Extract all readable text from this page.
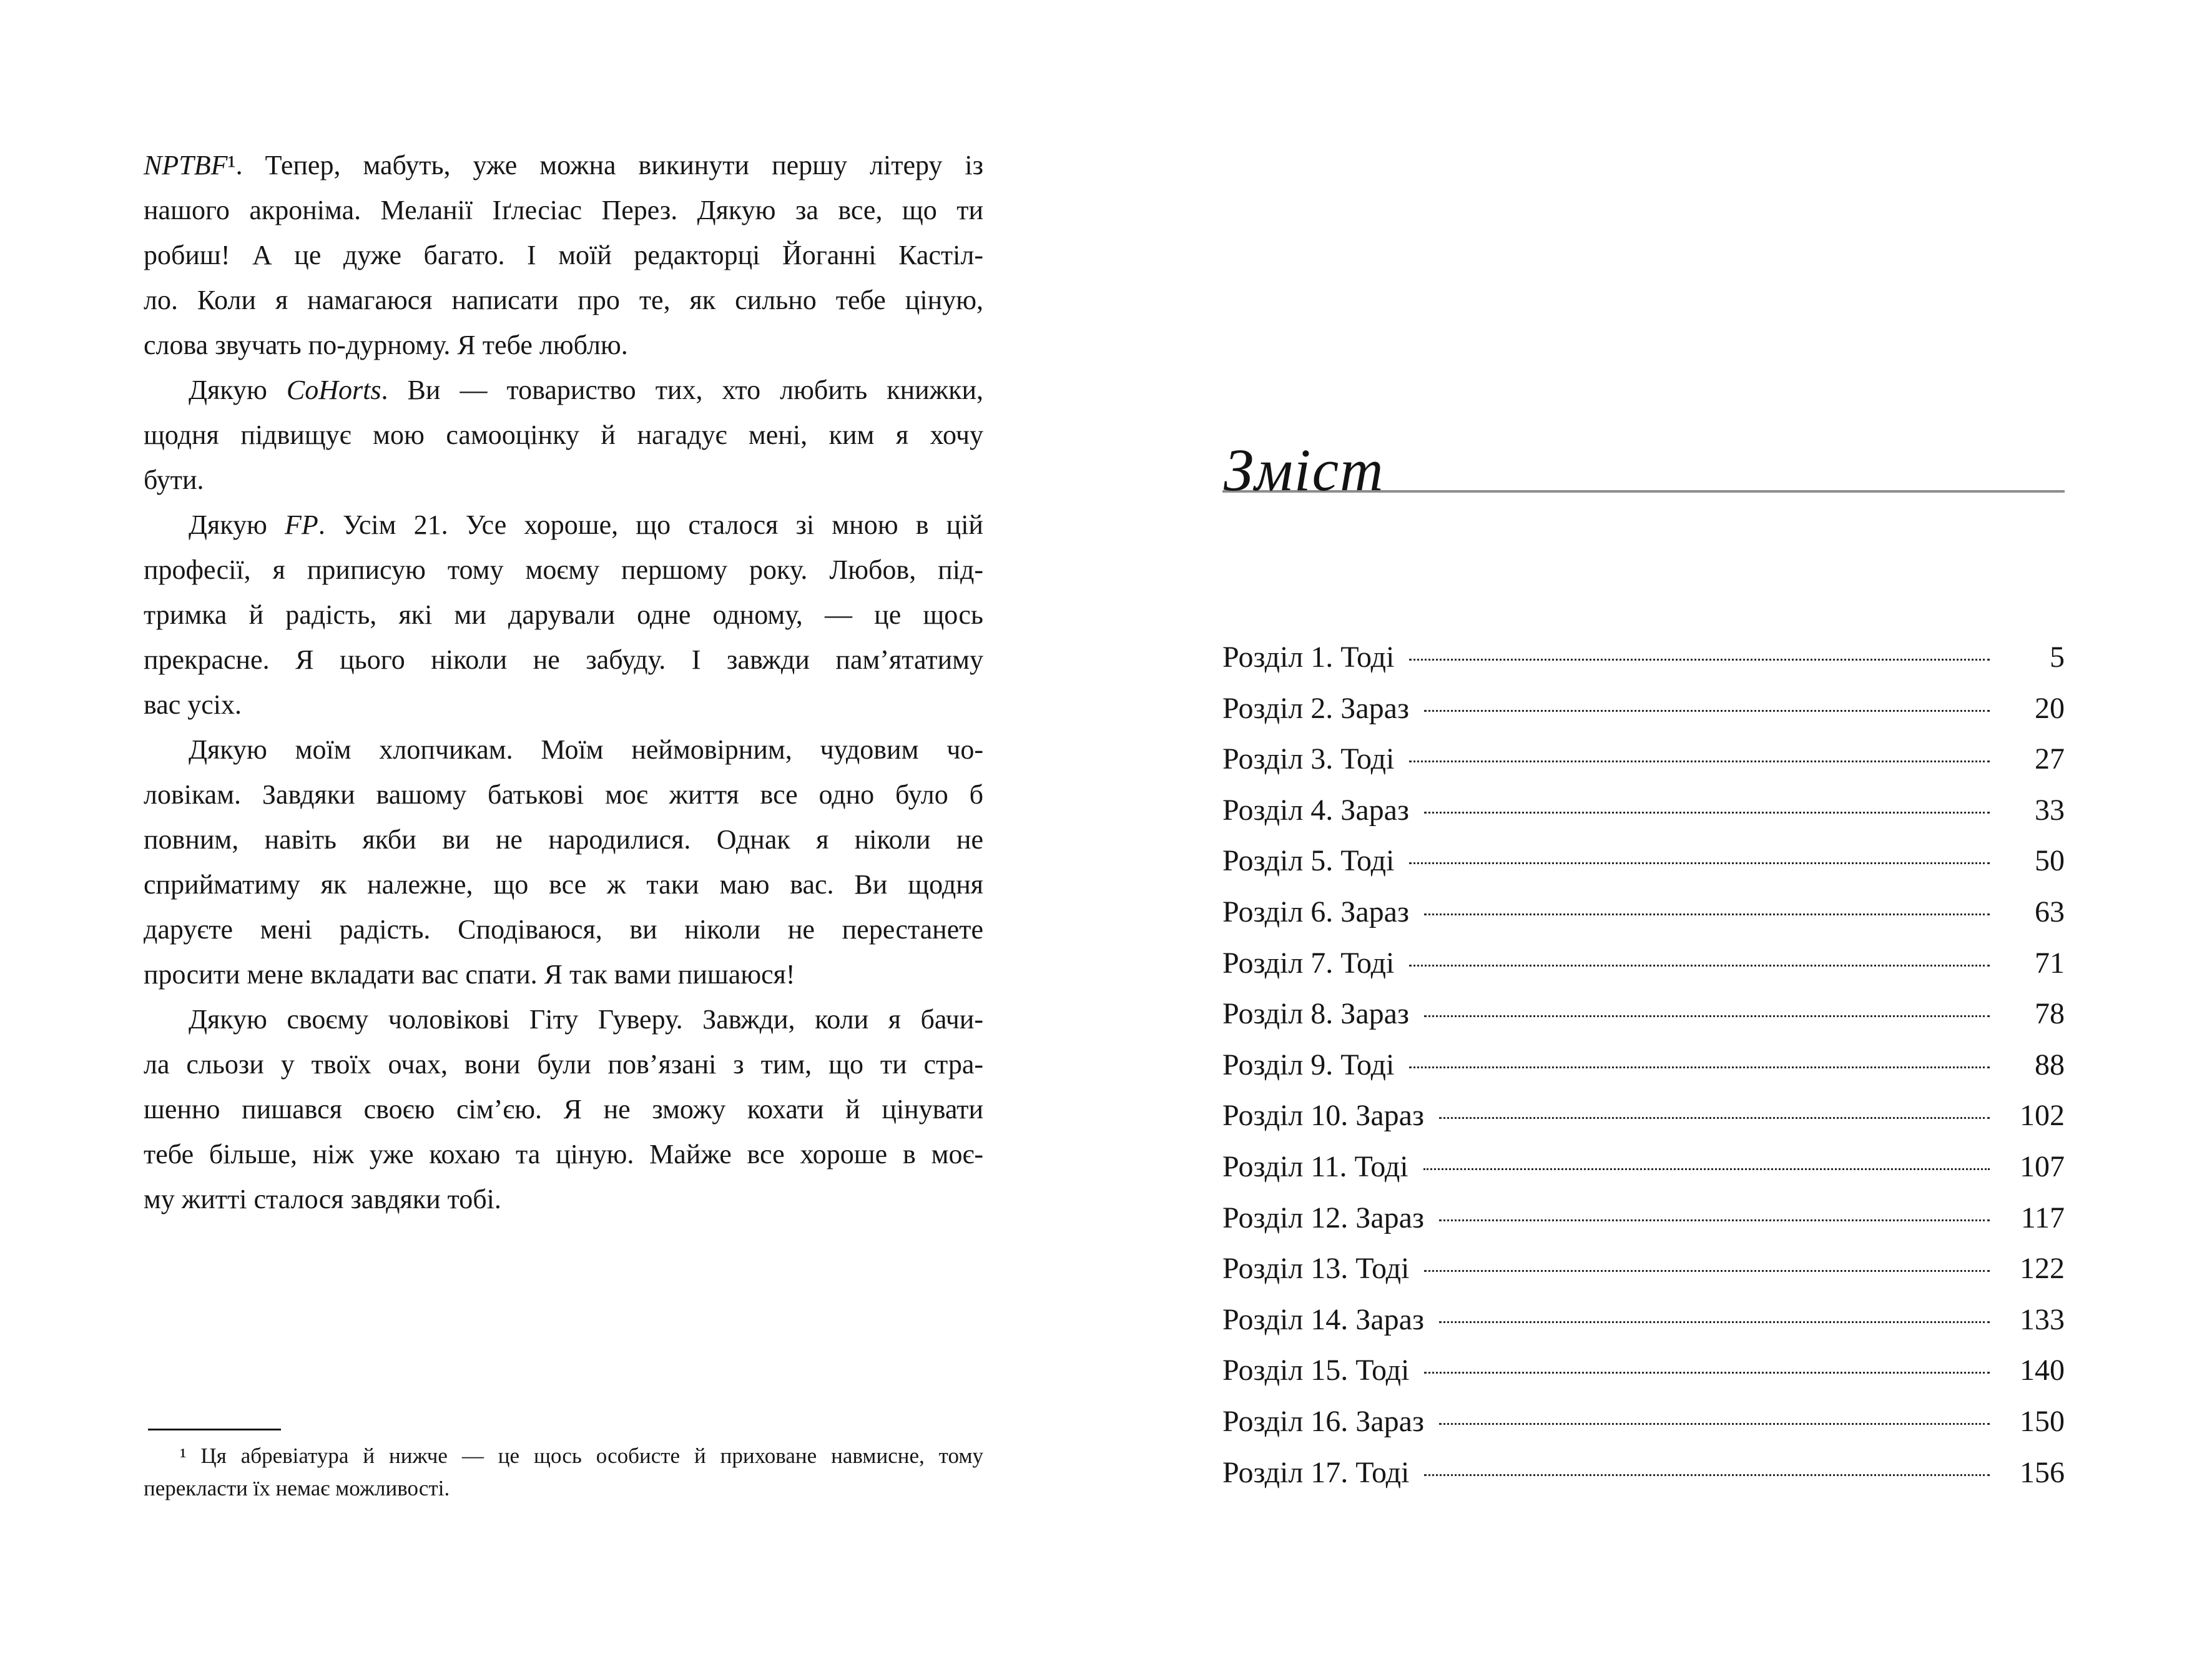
NPTBF¹. Тепер, мабуть, уже можна викинути першу літеру із
нашого акроніма. Меланії Іґлесіас Перез. Дякую за все, що ти
робиш! А це дуже багато. І моїй редакторці Йоганні Кастіл-
ло. Коли я намагаюся написати про те, як сильно тебе ціную,
слова звучать по-дурному. Я тебе люблю.
Дякую CoHorts. Ви — товариство тих, хто любить книжки,
щодня підвищує мою самооцінку й нагадує мені, ким я хочу
бути.
Дякую FP. Усім 21. Усе хороше, що сталося зі мною в цій
професії, я приписую тому моєму першому року. Любов, під-
тримка й радість, які ми дарували одне одному, — це щось
прекрасне. Я цього ніколи не забуду. І завжди пам’ятатиму
вас усіх.
Дякую моїм хлопчикам. Моїм неймовірним, чудовим чо-
ловікам. Завдяки вашому батькові моє життя все одно було б
повним, навіть якби ви не народилися. Однак я ніколи не
сприйматиму як належне, що все ж таки маю вас. Ви щодня
даруєте мені радість. Сподіваюся, ви ніколи не перестанете
просити мене вкладати вас спати. Я так вами пишаюся!
Дякую своєму чоловікові Гіту Гуверу. Завжди, коли я бачи-
ла сльози у твоїх очах, вони були пов’язані з тим, що ти стра-
шенно пишався своєю сім’єю. Я не зможу кохати й цінувати
тебе більше, ніж уже кохаю та ціную. Майже все хороше в моє-
му житті сталося завдяки тобі.
¹ Ця абревіатура й нижче — це щось особисте й приховане навмисне, тому
перекласти їх немає можливості.
Зміст
Розділ 1. Тоді	5
Розділ 2. Зараз	20
Розділ 3. Тоді	27
Розділ 4. Зараз	33
Розділ 5. Тоді	50
Розділ 6. Зараз	63
Розділ 7. Тоді	71
Розділ 8. Зараз	78
Розділ 9. Тоді	88
Розділ 10. Зараз	102
Розділ 11. Тоді	107
Розділ 12. Зараз	117
Розділ 13. Тоді	122
Розділ 14. Зараз	133
Розділ 15. Тоді	140
Розділ 16. Зараз	150
Розділ 17. Тоді	156
